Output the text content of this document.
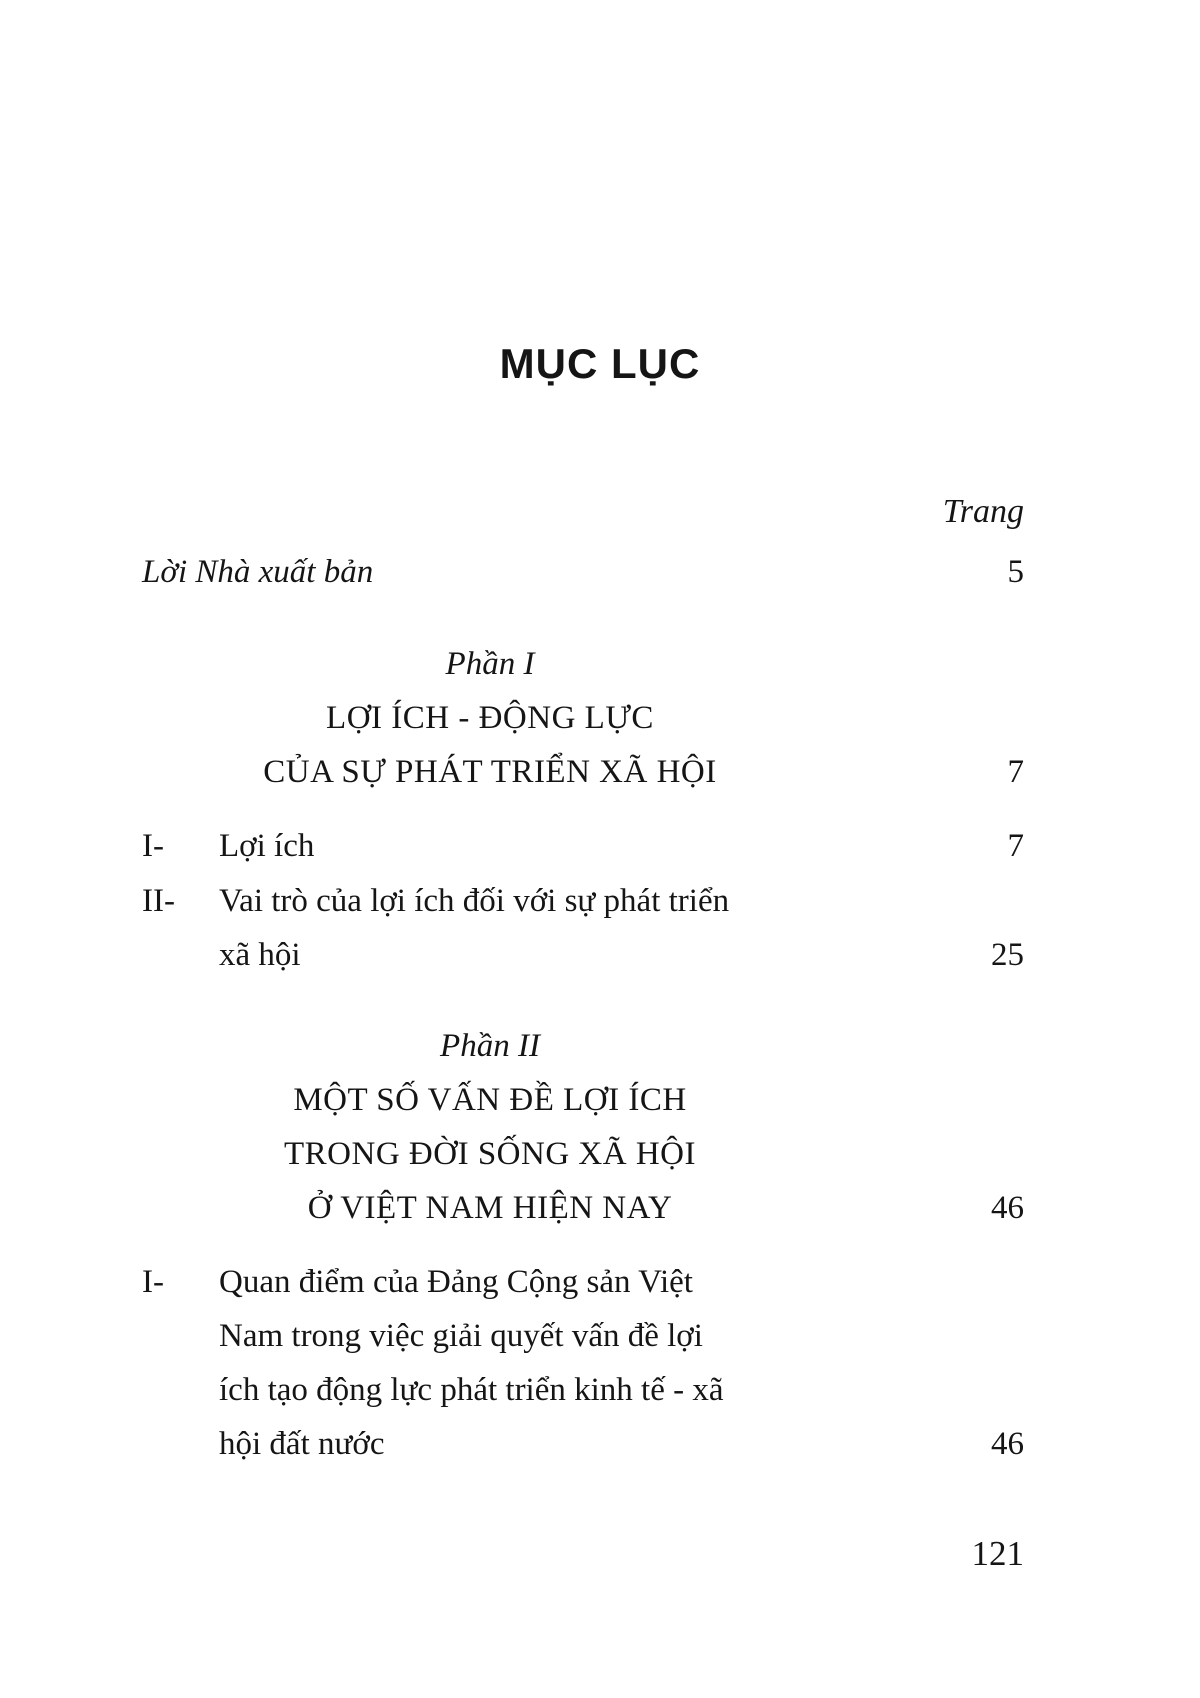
MỤC LỤC
Trang
Lời Nhà xuất bản	5
Phần I
LỢI ÍCH - ĐỘNG LỰC
CỦA SỰ PHÁT TRIỂN XÃ HỘI	7
I- Lợi ích	7
II- Vai trò của lợi ích đối với sự phát triển
xã hội	25
Phần II
MỘT SỐ VẤN ĐỀ LỢI ÍCH
TRONG ĐỜI SỐNG XÃ HỘI
Ở VIỆT NAM HIỆN NAY	46
I- Quan điểm của Đảng Cộng sản Việt
Nam trong việc giải quyết vấn đề lợi
ích tạo động lực phát triển kinh tế - xã
hội đất nước	46
121
